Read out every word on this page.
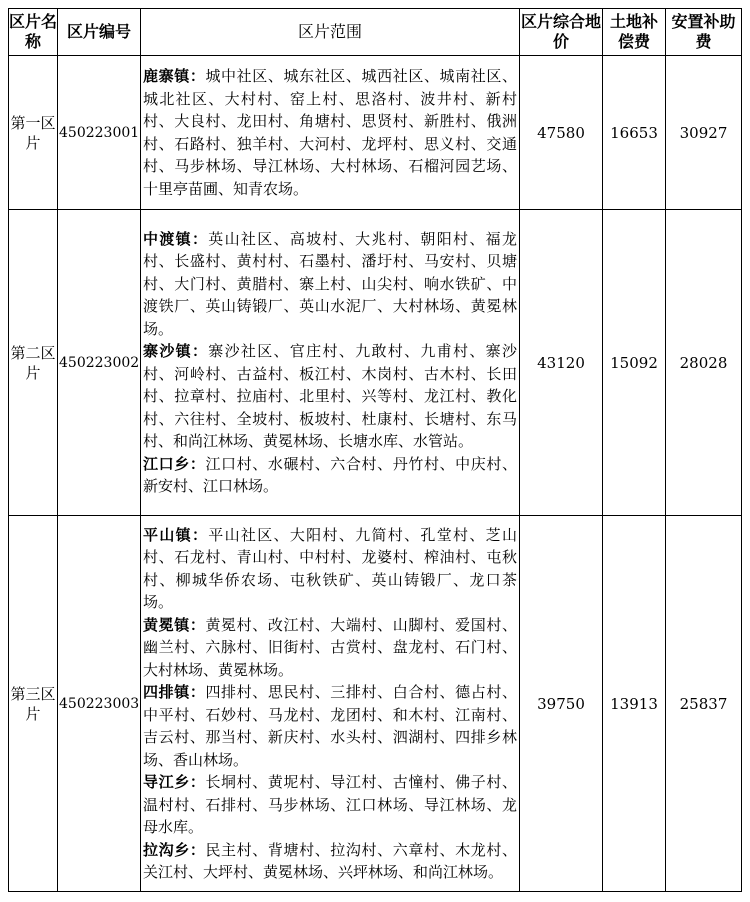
区片名称	区片编号	区片范围	区片综合地价	土地补偿费	安置补助费
第一区片	450223001	鹿寨镇：城中社区、城东社区、城西社区、城南社区、城北社区、大村村、窑上村、思洛村、波井村、新村村、大良村、龙田村、角塘村、思贤村、新胜村、俄洲村、石路村、独羊村、大河村、龙坪村、思义村、交通村、马步林场、导江林场、大村林场、石榴河园艺场、十里亭苗圃、知青农场。	47580	16653	30927
第二区片	450223002	中渡镇：英山社区、高坡村、大兆村、朝阳村、福龙村、长盛村、黄村村、石墨村、潘圩村、马安村、贝塘村、大门村、黄腊村、寨上村、山尖村、响水铁矿、中渡铁厂、英山铸锻厂、英山水泥厂、大村林场、黄冕林场。
寨沙镇：寨沙社区、官庄村、九敢村、九甫村、寨沙村、河岭村、古益村、板江村、木岗村、古木村、长田村、拉章村、拉庙村、北里村、兴等村、龙江村、教化村、六往村、全坡村、板坡村、杜康村、长塘村、东马村、和尚江林场、黄冕林场、长塘水库、水管站。
江口乡：江口村、水碾村、六合村、丹竹村、中庆村、新安村、江口林场。	43120	15092	28028
第三区片	450223003	平山镇：平山社区、大阳村、九简村、孔堂村、芝山村、石龙村、青山村、中村村、龙婆村、榨油村、屯秋村、柳城华侨农场、屯秋铁矿、英山铸锻厂、龙口茶场。
黄冕镇：黄冕村、改江村、大端村、山脚村、爱国村、幽兰村、六脉村、旧街村、古赏村、盘龙村、石门村、大村林场、黄冕林场。
四排镇：四排村、思民村、三排村、白合村、德占村、中平村、石妙村、马龙村、龙团村、和木村、江南村、吉云村、那当村、新庆村、水头村、泗湖村、四排乡林场、香山林场。
导江乡：长垌村、黄坭村、导江村、古憧村、佛子村、温村村、石排村、马步林场、江口林场、导江林场、龙母水库。
拉沟乡：民主村、背塘村、拉沟村、六章村、木龙村、关江村、大坪村、黄冕林场、兴坪林场、和尚江林场。	39750	13913	25837
